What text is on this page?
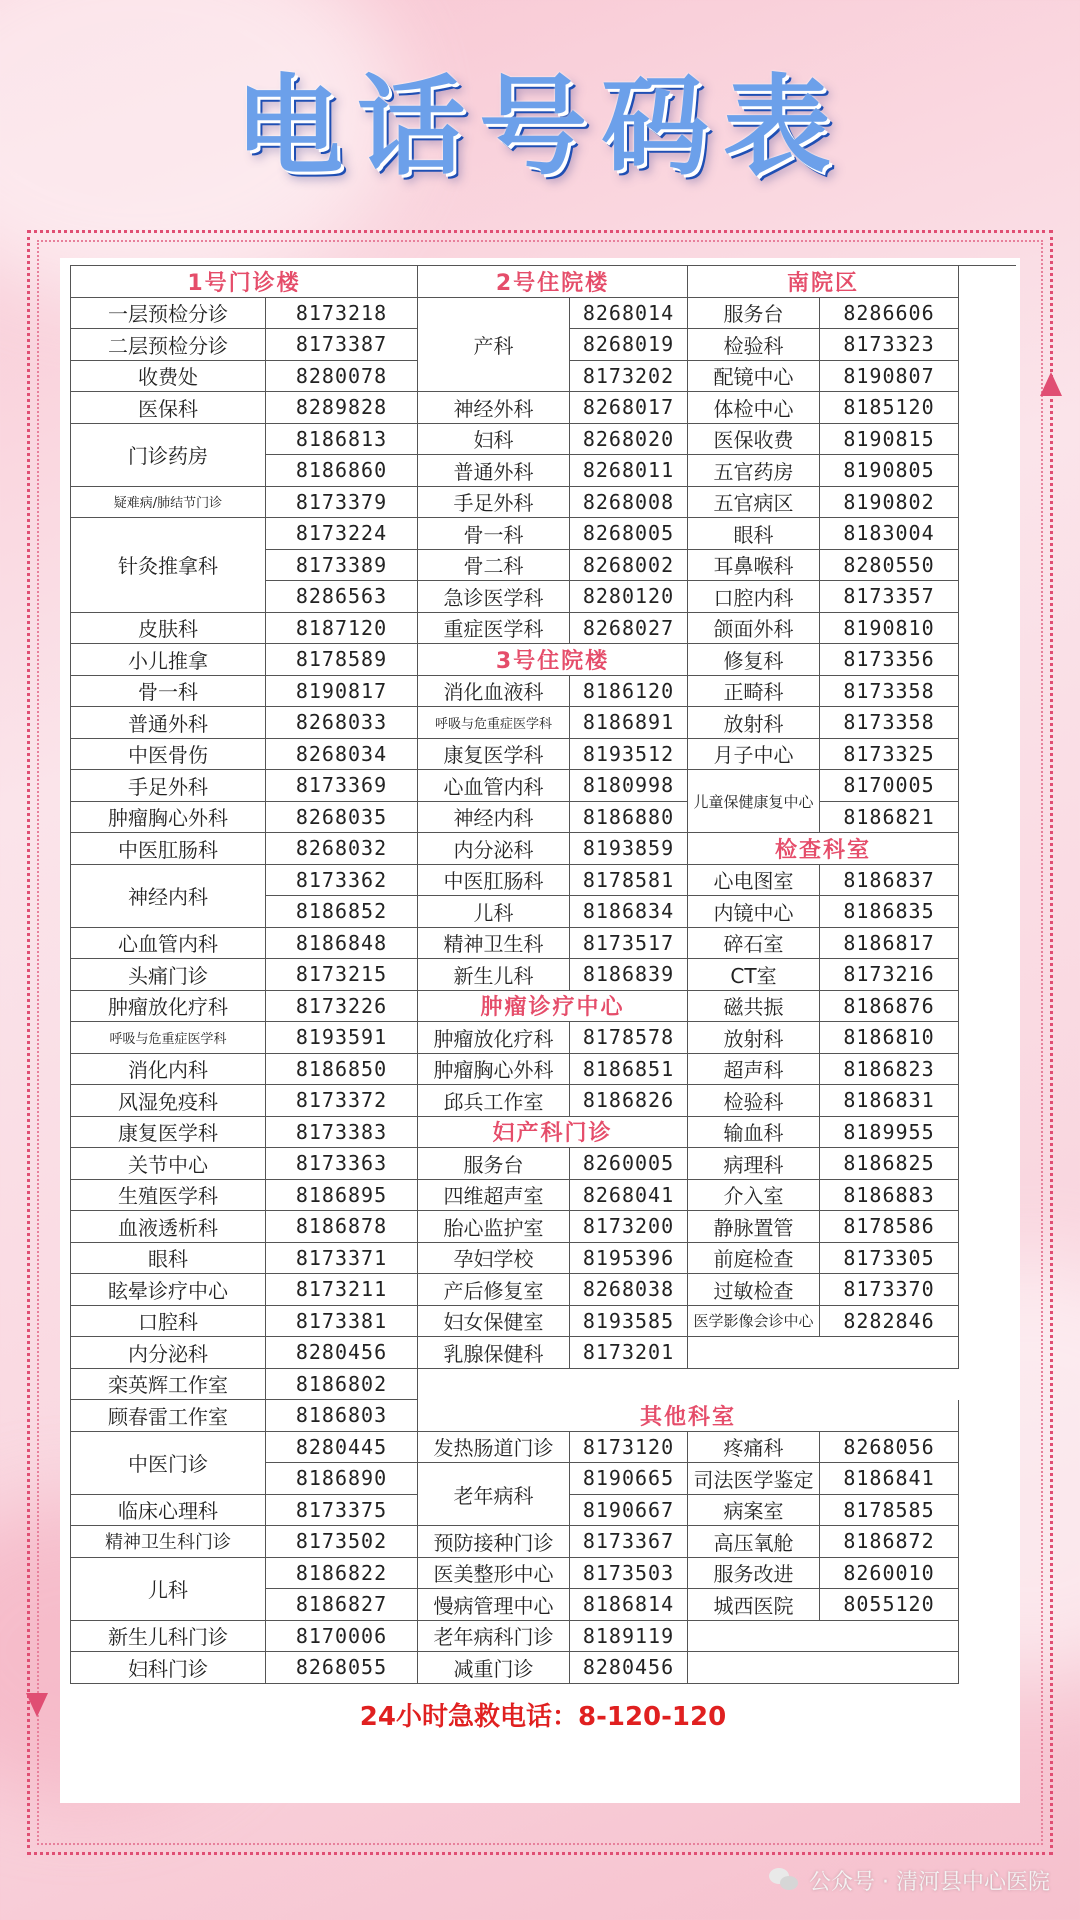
电话号码表
1号门诊楼
一层预检分诊	8173218
二层预检分诊	8173387
收费处	8280078
医保科	8289828
门诊药房
8186813
8186860
疑难病/肺结节门诊	8173379
针灸推拿科
8173224
8173389
8286563
皮肤科	8187120
小儿推拿	8178589
骨一科	8190817
普通外科	8268033
中医骨伤	8268034
手足外科	8173369
肿瘤胸心外科	8268035
中医肛肠科	8268032
神经内科
8173362
8186852
心血管内科	8186848
头痛门诊	8173215
肿瘤放化疗科	8173226
呼吸与危重症医学科	8193591
消化内科	8186850
风湿免疫科	8173372
康复医学科	8173383
关节中心	8173363
生殖医学科	8186895
血液透析科	8186878
眼科	8173371
眩晕诊疗中心	8173211
口腔科	8173381
内分泌科	8280456
栾英辉工作室	8186802
顾春雷工作室	8186803
中医门诊
8280445
8186890
临床心理科	8173375
精神卫生科门诊	8173502
儿科
8186822
8186827
新生儿科门诊	8170006
妇科门诊	8268055
2号住院楼
产科
8268014
8268019
8173202
神经外科	8268017
妇科	8268020
普通外科	8268011
手足外科	8268008
骨一科	8268005
骨二科	8268002
急诊医学科	8280120
重症医学科	8268027
3号住院楼
消化血液科	8186120
呼吸与危重症医学科	8186891
康复医学科	8193512
心血管内科	8180998
神经内科	8186880
内分泌科	8193859
中医肛肠科	8178581
儿科	8186834
精神卫生科	8173517
新生儿科	8186839
肿瘤诊疗中心
肿瘤放化疗科	8178578
肿瘤胸心外科	8186851
邱兵工作室	8186826
妇产科门诊
服务台	8260005
四维超声室	8268041
胎心监护室	8173200
孕妇学校	8195396
产后修复室	8268038
妇女保健室	8193585
乳腺保健科	8173201
南院区
服务台	8286606
检验科	8173323
配镜中心	8190807
体检中心	8185120
医保收费	8190815
五官药房	8190805
五官病区	8190802
眼科	8183004
耳鼻喉科	8280550
口腔内科	8173357
颌面外科	8190810
修复科	8173356
正畸科	8173358
放射科	8173358
月子中心	8173325
儿童保健康复中心
8170005
8186821
检查科室
心电图室	8186837
内镜中心	8186835
碎石室	8186817
CT室	8173216
磁共振	8186876
放射科	8186810
超声科	8186823
检验科	8186831
输血科	8189955
病理科	8186825
介入室	8186883
静脉置管	8178586
前庭检查	8173305
过敏检查	8173370
医学影像会诊中心	8282846
其他科室
发热肠道门诊	8173120
老年病科
8190665
8190667
预防接种门诊	8173367
医美整形中心	8173503
慢病管理中心	8186814
老年病科门诊	8189119
减重门诊	8280456
疼痛科	8268056
司法医学鉴定	8186841
病案室	8178585
高压氧舱	8186872
服务改进	8260010
城西医院	8055120
24小时急救电话：8-120-120
公众号 · 清河县中心医院
